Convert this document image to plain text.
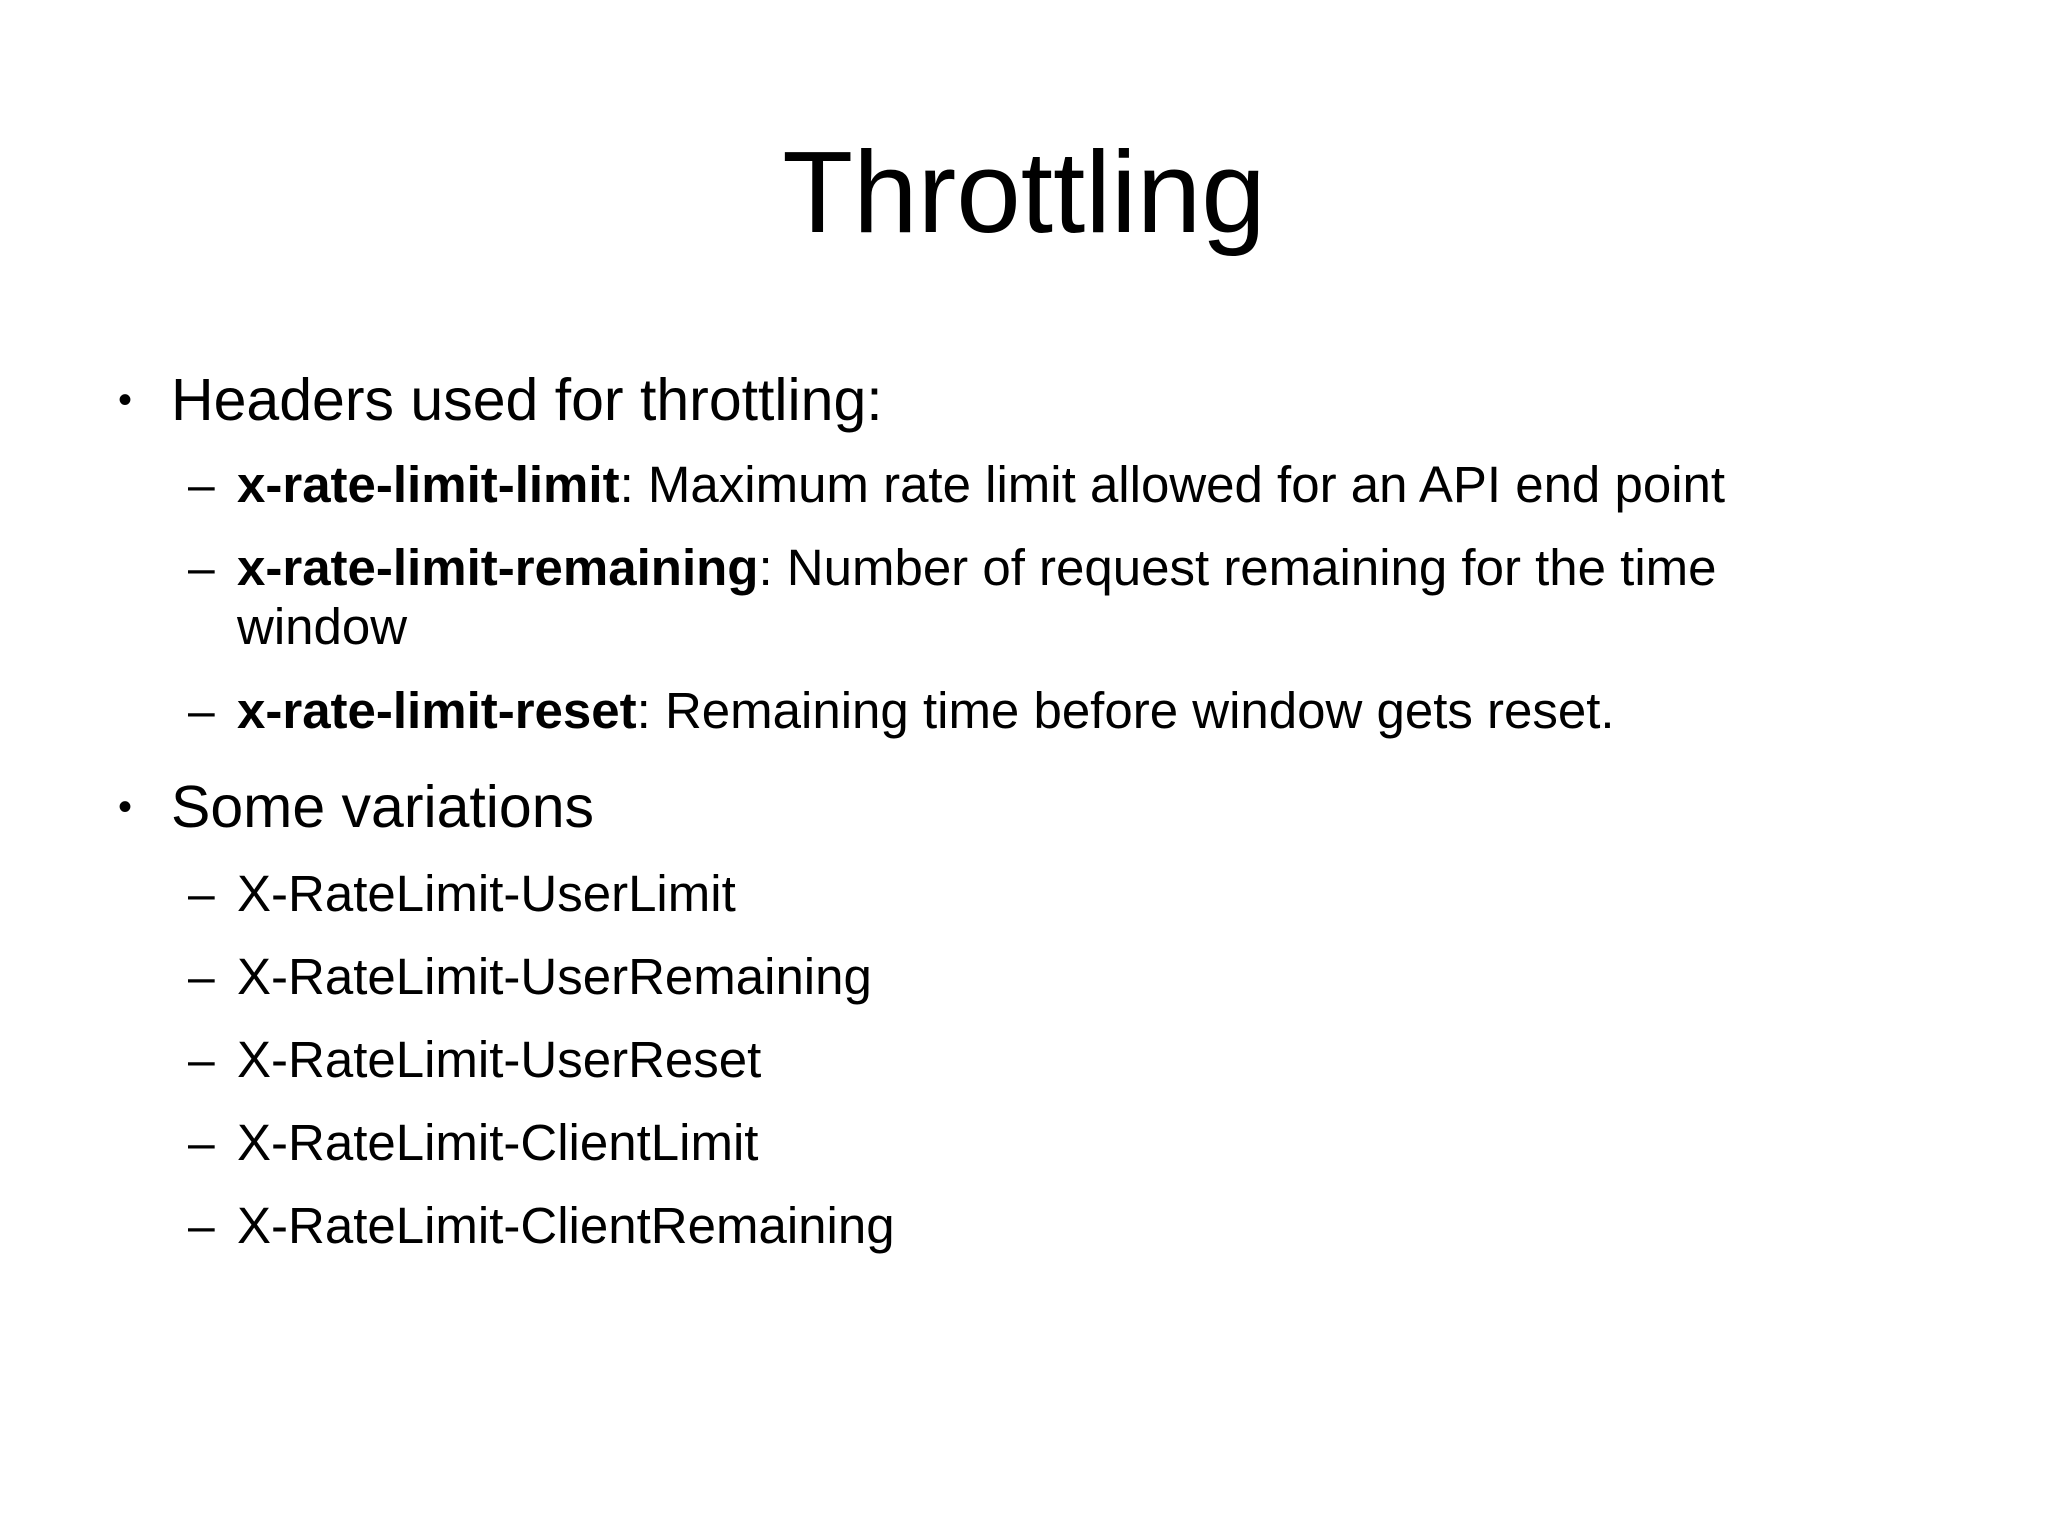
Throttling
• Headers used for throttling:
– x-rate-limit-limit: Maximum rate limit allowed for an API end point
– x-rate-limit-remaining: Number of request remaining for the time window
– x-rate-limit-reset: Remaining time before window gets reset.
• Some variations
– X-RateLimit-UserLimit
– X-RateLimit-UserRemaining
– X-RateLimit-UserReset
– X-RateLimit-ClientLimit
– X-RateLimit-ClientRemaining
